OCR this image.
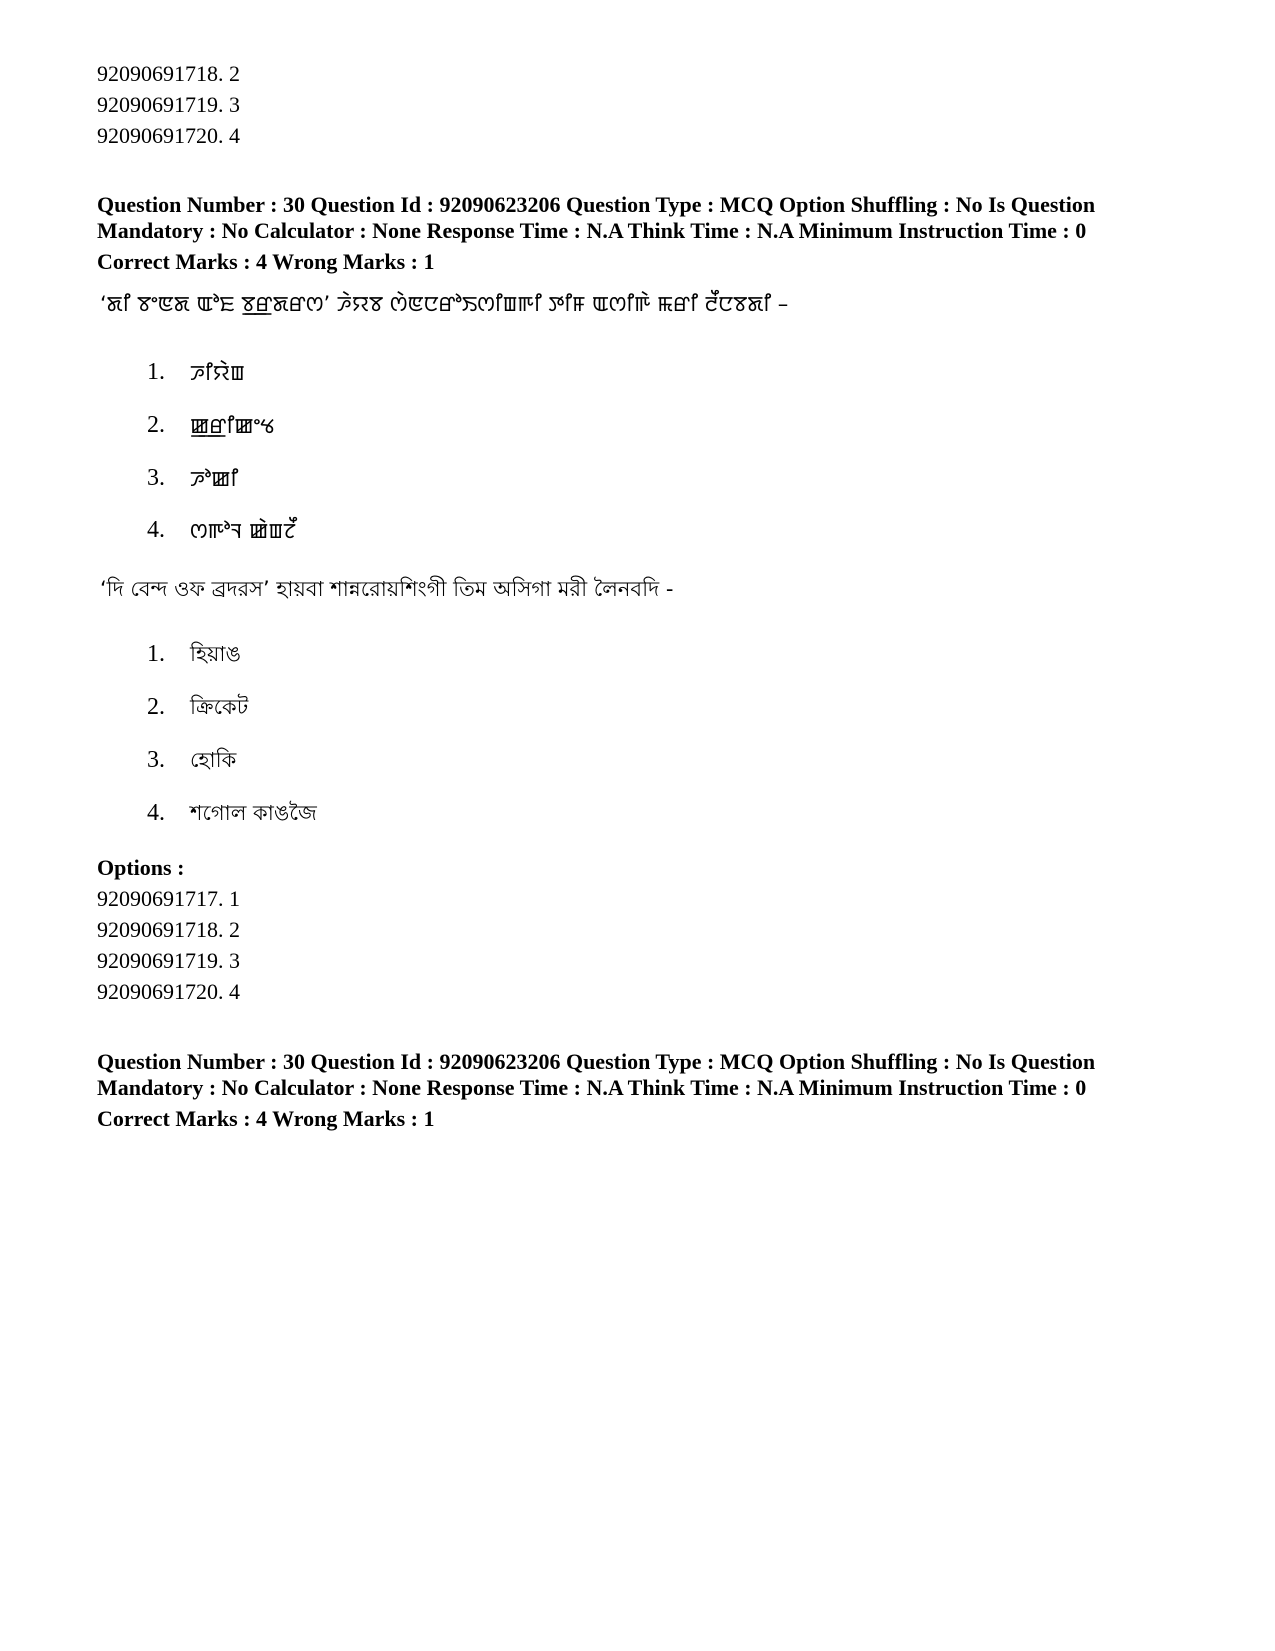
92090691718. 2
92090691719. 3
92090691720. 4
Question Number : 30 Question Id : 92090623206 Question Type : MCQ Option Shuffling : No Is Question
Mandatory : No Calculator : None Response Time : N.A Think Time : N.A Minimum Instruction Time : 0
Correct Marks : 4 Wrong Marks : 1
‘ꯗꯤ ꯕꯦꯟꯗ ꯑꯣꯐ ꯕ꯭ꯔꯗꯔꯁ’ ꯍꯥꯌꯕ ꯁꯥꯟꯅꯔꯣꯏꯁꯤꯡꯒꯤ ꯇꯤꯝ ꯑꯁꯤꯒꯥ ꯃꯔꯤ ꯂꯩꯅꯕꯗꯤ –
1. ꯍꯤꯌꯥꯡ
2. ꯀ꯭ꯔꯤꯀꯦꯠ
3. ꯍꯣꯀꯤ
4. ꯁꯒꯣꯜ ꯀꯥꯡꯖꯩ
‘দি বেন্দ ওফ ব্রদরস’ হায়বা শান্নরোয়শিংগী তিম অসিগা মরী লৈনবদি -
1. হিয়াঙ
2. ক্রিকেট
3. হোকি
4. শগোল কাঙজৈ
Options :
92090691717. 1
92090691718. 2
92090691719. 3
92090691720. 4
Question Number : 30 Question Id : 92090623206 Question Type : MCQ Option Shuffling : No Is Question
Mandatory : No Calculator : None Response Time : N.A Think Time : N.A Minimum Instruction Time : 0
Correct Marks : 4 Wrong Marks : 1
